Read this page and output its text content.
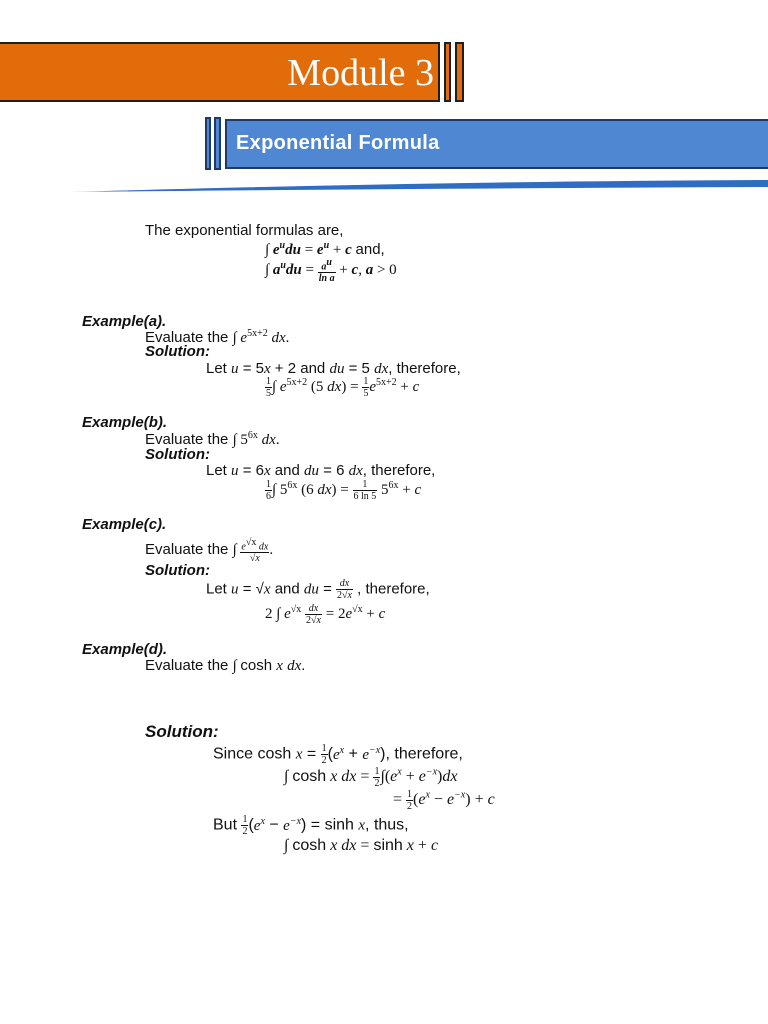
Module 3
Exponential Formula
The exponential formulas are,
∫ $e^udu = e^u + c$ and,
∫ $a^udu = \frac{a^u}{\text{ln a}} + c$, a > 0
Example(a).
Evaluate the ∫ $e^{5x+2}$ dx.
Solution:
Let u = 5x + 2 and du = 5 dx, therefore,
$\frac{1}{5}$ ∫ $e^{5x+2}$ (5 $dx) = \frac{1}{5} e^{5x+2} + c$
Example(b).
Evaluate the ∫ $5^{6x}$ dx.
Solution:
Let u = 6x and du = 6 dx, therefore,
$\frac{1}{6}$ ∫ $5^{6x}$ (6 $dx) = \frac{1}{6 \ln 5} 5^{6x} + c$
Example(c).
Evaluate the ∫ $\frac{e^{√x} dx}{√x}$ .
Solution:
Let u = √x and du = $\frac{dx}{2√x}$ , therefore,
2 ∫ $e^{√x} \frac{dx}{2√x} = 2e^{√x} + c$
Example(d).
Evaluate the ∫ cosh x dx.
Solution:
Since $\cosh x = \frac{1}{2} (e^x + e^{-x})$, therefore,
∫ cosh x dx = $\frac{1}{2} \int(e^x + e^{-x})dx$
= $\frac{1}{2} (e^x - e^{-x}) + c$
But $\frac{1}{2} (e^x - e^{-x}) = \sinh x$, thus,
∫ cosh x dx = sinh x + c
